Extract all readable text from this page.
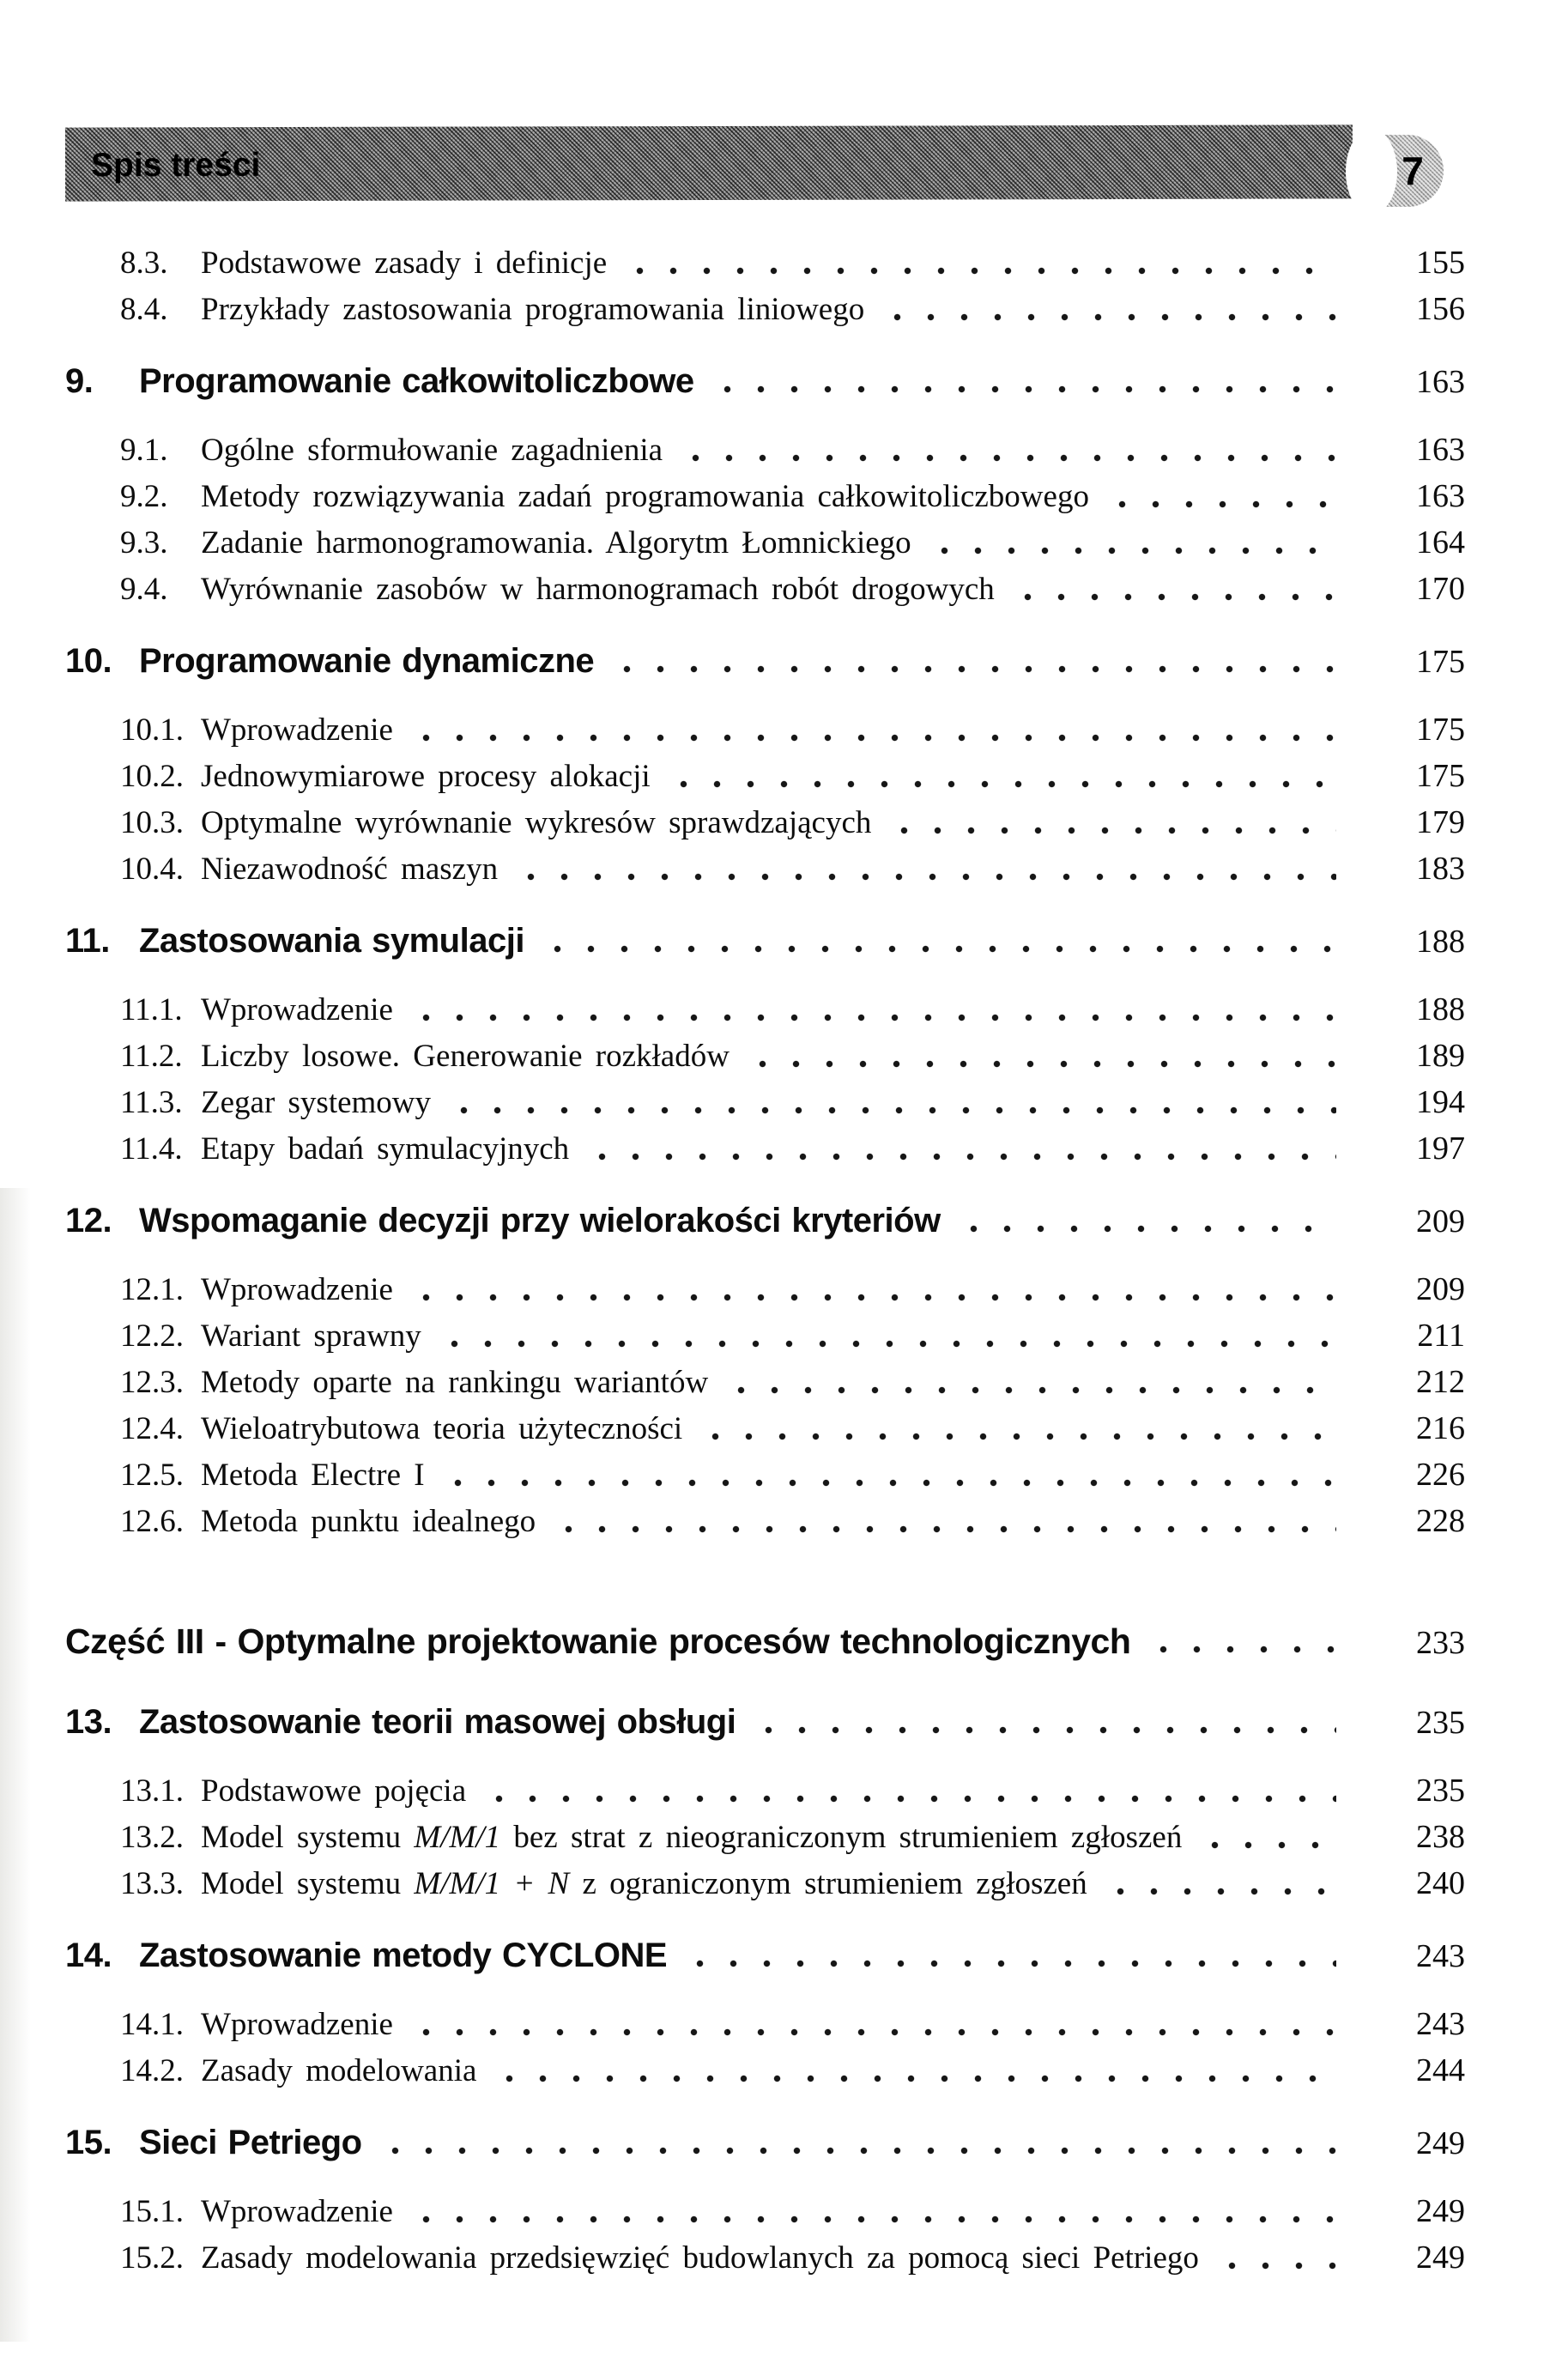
Spis treści	7
8.3.	Podstawowe zasady i definicje	155
8.4.	Przykłady zastosowania programowania liniowego	156
9.	Programowanie całkowitoliczbowe	163
9.1.	Ogólne sformułowanie zagadnienia	163
9.2.	Metody rozwiązywania zadań programowania całkowitoliczbowego	163
9.3.	Zadanie harmonogramowania. Algorytm Łomnickiego	164
9.4.	Wyrównanie zasobów w harmonogramach robót drogowych	170
10. Programowanie dynamiczne	175
10.1. Wprowadzenie	175
10.2. Jednowymiarowe procesy alokacji	175
10.3. Optymalne wyrównanie wykresów sprawdzających	179
10.4. Niezawodność maszyn	183
11. Zastosowania symulacji	188
11.1. Wprowadzenie	188
11.2. Liczby losowe. Generowanie rozkładów	189
11.3. Zegar systemowy	194
11.4. Etapy badań symulacyjnych	197
12. Wspomaganie decyzji przy wielorakości kryteriów	209
12.1. Wprowadzenie	209
12.2. Wariant sprawny	211
12.3. Metody oparte na rankingu wariantów	212
12.4. Wieloatrybutowa teoria użyteczności	216
12.5. Metoda Electre I	226
12.6. Metoda punktu idealnego	228
Część III - Optymalne projektowanie procesów technologicznych	233
13. Zastosowanie teorii masowej obsługi	235
13.1. Podstawowe pojęcia	235
13.2. Model systemu M/M/1 bez strat z nieograniczonym strumieniem zgłoszeń	238
13.3. Model systemu M/M/1 + N z ograniczonym strumieniem zgłoszeń	240
14. Zastosowanie metody CYCLONE	243
14.1. Wprowadzenie	243
14.2. Zasady modelowania	244
15. Sieci Petriego	249
15.1. Wprowadzenie	249
15.2. Zasady modelowania przedsięwzięć budowlanych za pomocą sieci Petriego	249
